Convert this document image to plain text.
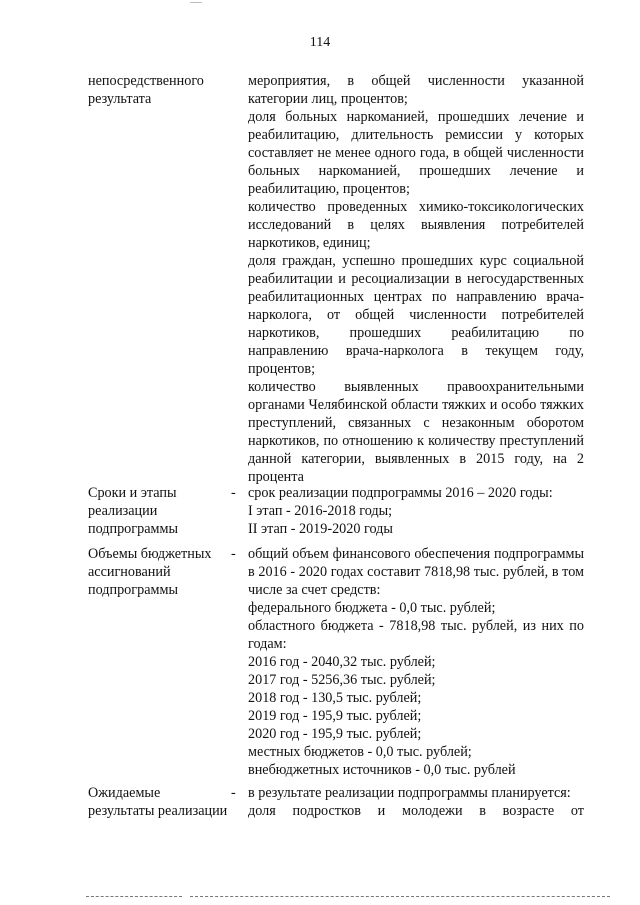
114
непосредственного результата

мероприятия, в общей численности указанной категории лиц, процентов;

доля больных наркоманией, прошедших лечение и реабилитацию, длительность ремиссии у которых составляет не менее одного года, в общей численности больных наркоманией, прошедших лечение и реабилитацию, процентов;

количество проведенных химико-токсикологических исследований в целях выявления потребителей наркотиков, единиц;

доля граждан, успешно прошедших курс социальной реабилитации и ресоциализации в негосударственных реабилитационных центрах по направлению врача-нарколога, от общей численности потребителей наркотиков, прошедших реабилитацию по направлению врача-нарколога в текущем году, процентов;

количество выявленных правоохранительными органами Челябинской области тяжких и особо тяжких преступлений, связанных с незаконным оборотом наркотиков, по отношению к количеству преступлений данной категории, выявленных в 2015 году, на 2 процента

Сроки и этапы реализации подпрограммы
- срок реализации подпрограммы 2016 – 2020 годы:

I этап - 2016-2018 годы;

II этап - 2019-2020 годы

Объемы бюджетных ассигнований подпрограммы
- общий объем финансового обеспечения подпрограммы в 2016 - 2020 годах составит 7818,98 тыс. рублей, в том числе за счет средств:

федерального бюджета - 0,0 тыс. рублей;

областного бюджета - 7818,98 тыс. рублей, из них по годам:

2016 год - 2040,32 тыс. рублей;

2017 год - 5256,36 тыс. рублей;

2018 год - 130,5 тыс. рублей;

2019 год - 195,9 тыс. рублей;

2020 год - 195,9 тыс. рублей;

местных бюджетов - 0,0 тыс. рублей;

внебюджетных источников - 0,0 тыс. рублей

Ожидаемые результаты реализации
- в результате реализации подпрограммы планируется:

доля подростков и молодежи в возрасте от
